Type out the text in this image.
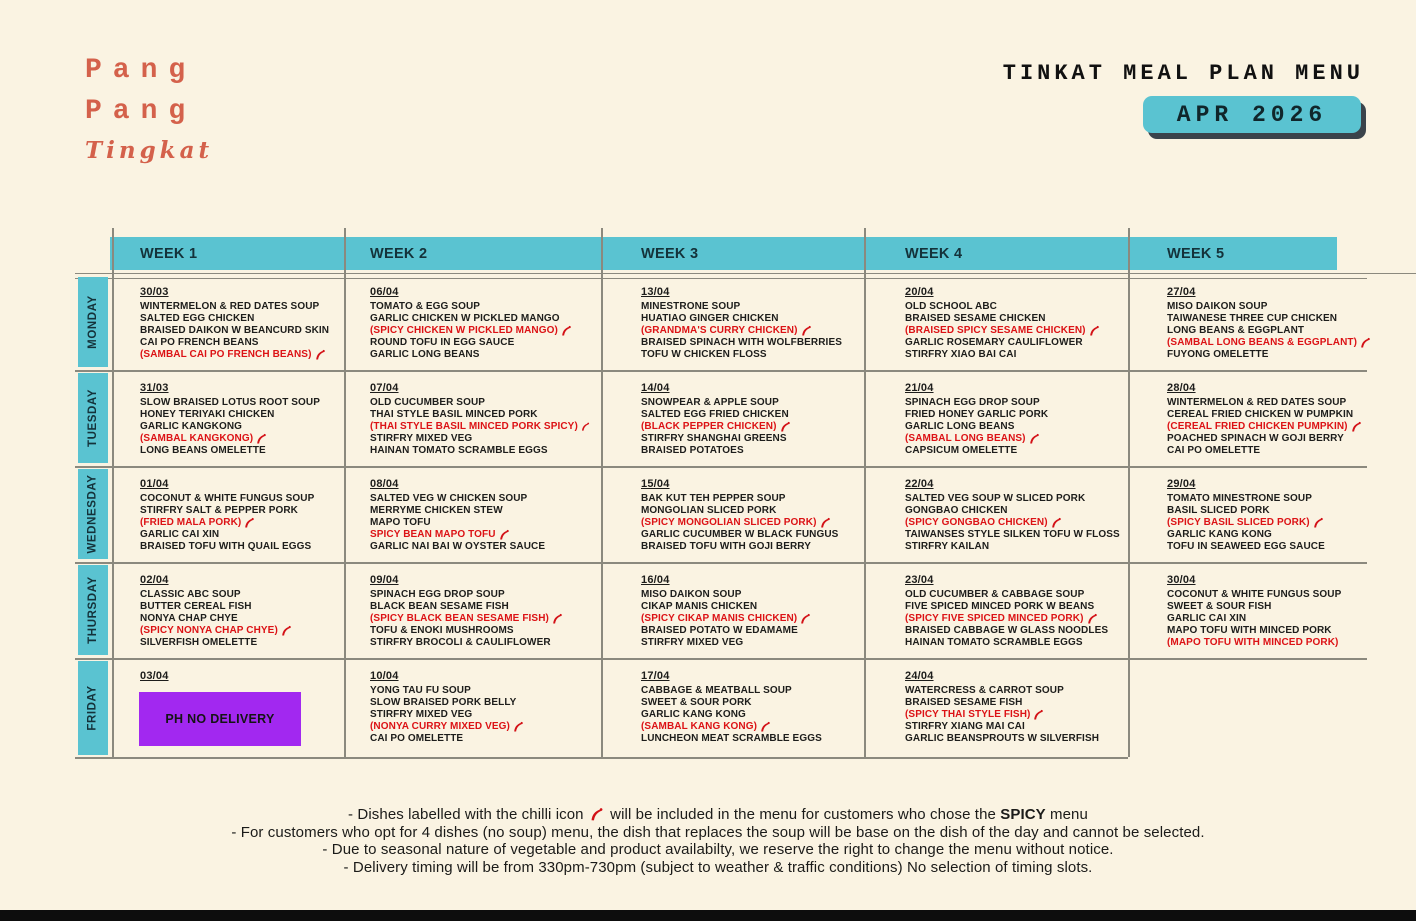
Pang
Pang
Tingkat
TINKAT MEAL PLAN MENU
APR 2026
WEEK 1	WEEK 2	WEEK 3	WEEK 4	WEEK 5
MONDAY
30/03
WINTERMELON & RED DATES SOUP
SALTED EGG CHICKEN
BRAISED DAIKON W BEANCURD SKIN
CAI PO FRENCH BEANS
(SAMBAL CAI PO FRENCH BEANS)
06/04
TOMATO & EGG SOUP
GARLIC CHICKEN W PICKLED MANGO
(SPICY CHICKEN W PICKLED MANGO)
ROUND TOFU IN EGG SAUCE
GARLIC LONG BEANS
13/04
MINESTRONE SOUP
HUATIAO GINGER CHICKEN
(GRANDMA'S CURRY CHICKEN)
BRAISED SPINACH WITH WOLFBERRIES
TOFU W CHICKEN FLOSS
20/04
OLD SCHOOL ABC
BRAISED SESAME CHICKEN
(BRAISED SPICY SESAME CHICKEN)
GARLIC ROSEMARY CAULIFLOWER
STIRFRY XIAO BAI CAI
27/04
MISO DAIKON SOUP
TAIWANESE THREE CUP CHICKEN
LONG BEANS & EGGPLANT
(SAMBAL LONG BEANS & EGGPLANT)
FUYONG OMELETTE
TUESDAY
31/03
SLOW BRAISED LOTUS ROOT SOUP
HONEY TERIYAKI CHICKEN
GARLIC KANGKONG
(SAMBAL KANGKONG)
LONG BEANS OMELETTE
07/04
OLD CUCUMBER SOUP
THAI STYLE BASIL MINCED PORK
(THAI STYLE BASIL MINCED PORK SPICY)
STIRFRY MIXED VEG
HAINAN TOMATO SCRAMBLE EGGS
14/04
SNOWPEAR & APPLE SOUP
SALTED EGG FRIED CHICKEN
(BLACK PEPPER CHICKEN)
STIRFRY SHANGHAI GREENS
BRAISED POTATOES
21/04
SPINACH EGG DROP SOUP
FRIED HONEY GARLIC PORK
GARLIC LONG BEANS
(SAMBAL LONG BEANS)
CAPSICUM OMELETTE
28/04
WINTERMELON & RED DATES SOUP
CEREAL FRIED CHICKEN W PUMPKIN
(CEREAL FRIED CHICKEN PUMPKIN)
POACHED SPINACH W GOJI BERRY
CAI PO OMELETTE
WEDNESDAY	01/04
COCONUT & WHITE FUNGUS SOUP
STIRFRY SALT & PEPPER PORK
(FRIED MALA PORK)
GARLIC CAI XIN
BRAISED TOFU WITH QUAIL EGGS
08/04
SALTED VEG W CHICKEN SOUP
MERRYME CHICKEN STEW
MAPO TOFU
SPICY BEAN MAPO TOFU
GARLIC NAI BAI W OYSTER SAUCE
15/04
BAK KUT TEH PEPPER SOUP
MONGOLIAN SLICED PORK
(SPICY MONGOLIAN SLICED PORK)
GARLIC CUCUMBER W BLACK FUNGUS
BRAISED TOFU WITH GOJI BERRY
22/04
SALTED VEG SOUP W SLICED PORK
GONGBAO CHICKEN
(SPICY GONGBAO CHICKEN)
TAIWANSES STYLE SILKEN TOFU W FLOSS
STIRFRY KAILAN
29/04
TOMATO MINESTRONE SOUP
BASIL SLICED PORK
(SPICY BASIL SLICED PORK)
GARLIC KANG KONG
TOFU IN SEAWEED EGG SAUCE
THURSDAY	02/04
CLASSIC ABC SOUP
BUTTER CEREAL FISH
NONYA CHAP CHYE
(SPICY NONYA CHAP CHYE)
SILVERFISH OMELETTE
09/04
SPINACH EGG DROP SOUP
BLACK BEAN SESAME FISH
(SPICY BLACK BEAN SESAME FISH)
TOFU & ENOKI MUSHROOMS
STIRFRY BROCOLI & CAULIFLOWER
16/04
MISO DAIKON SOUP
CIKAP MANIS CHICKEN
(SPICY CIKAP MANIS CHICKEN)
BRAISED POTATO W EDAMAME
STIRFRY MIXED VEG
23/04
OLD CUCUMBER & CABBAGE SOUP
FIVE SPICED MINCED PORK W BEANS
(SPICY FIVE SPICED MINCED PORK)
BRAISED CABBAGE W GLASS NOODLES
HAINAN TOMATO SCRAMBLE EGGS
30/04
COCONUT & WHITE FUNGUS SOUP
SWEET & SOUR FISH
GARLIC CAI XIN
MAPO TOFU WITH MINCED PORK
(MAPO TOFU WITH MINCED PORK)
FRIDAY
03/04
PH NO DELIVERY
10/04
YONG TAU FU SOUP
SLOW BRAISED PORK BELLY
STIRFRY MIXED VEG
(NONYA CURRY MIXED VEG)
CAI PO OMELETTE
17/04
CABBAGE & MEATBALL SOUP
SWEET & SOUR PORK
GARLIC KANG KONG
(SAMBAL KANG KONG)
LUNCHEON MEAT SCRAMBLE EGGS
24/04
WATERCRESS & CARROT SOUP
BRAISED SESAME FISH
(SPICY THAI STYLE FISH)
STIRFRY XIANG MAI CAI
GARLIC BEANSPROUTS W SILVERFISH
- Dishes labelled with the chilli icon  will be included in the menu for customers who chose the SPICY menu
- For customers who opt for 4 dishes (no soup) menu, the dish that replaces the soup will be base on the dish of the day and cannot be selected.
- Due to seasonal nature of vegetable and product availabilty, we reserve the right to change the menu without notice.
- Delivery timing will be from 330pm-730pm (subject to weather & traffic conditions) No selection of timing slots.
